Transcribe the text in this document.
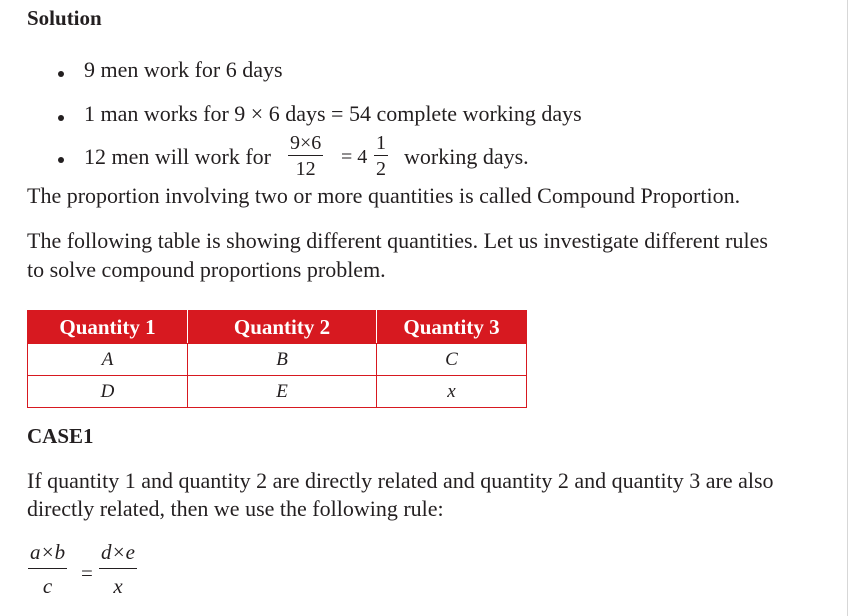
Solution
9 men work for 6 days
1 man works for 9 × 6 days = 54 complete working days
12 men will work for
9×6
12
= 4
1
2 working days.
The proportion involving two or more quantities is called Compound Proportion.
The following table is showing different quantities. Let us investigate different rules
to solve compound proportions problem.
Quantity 1	Quantity 2	Quantity 3
A	B	C
D	E	x
CASE1
If quantity 1 and quantity 2 are directly related and quantity 2 and quantity 3 are also
directly related, then we use the following rule:
a×b
c
=
d×e
x
